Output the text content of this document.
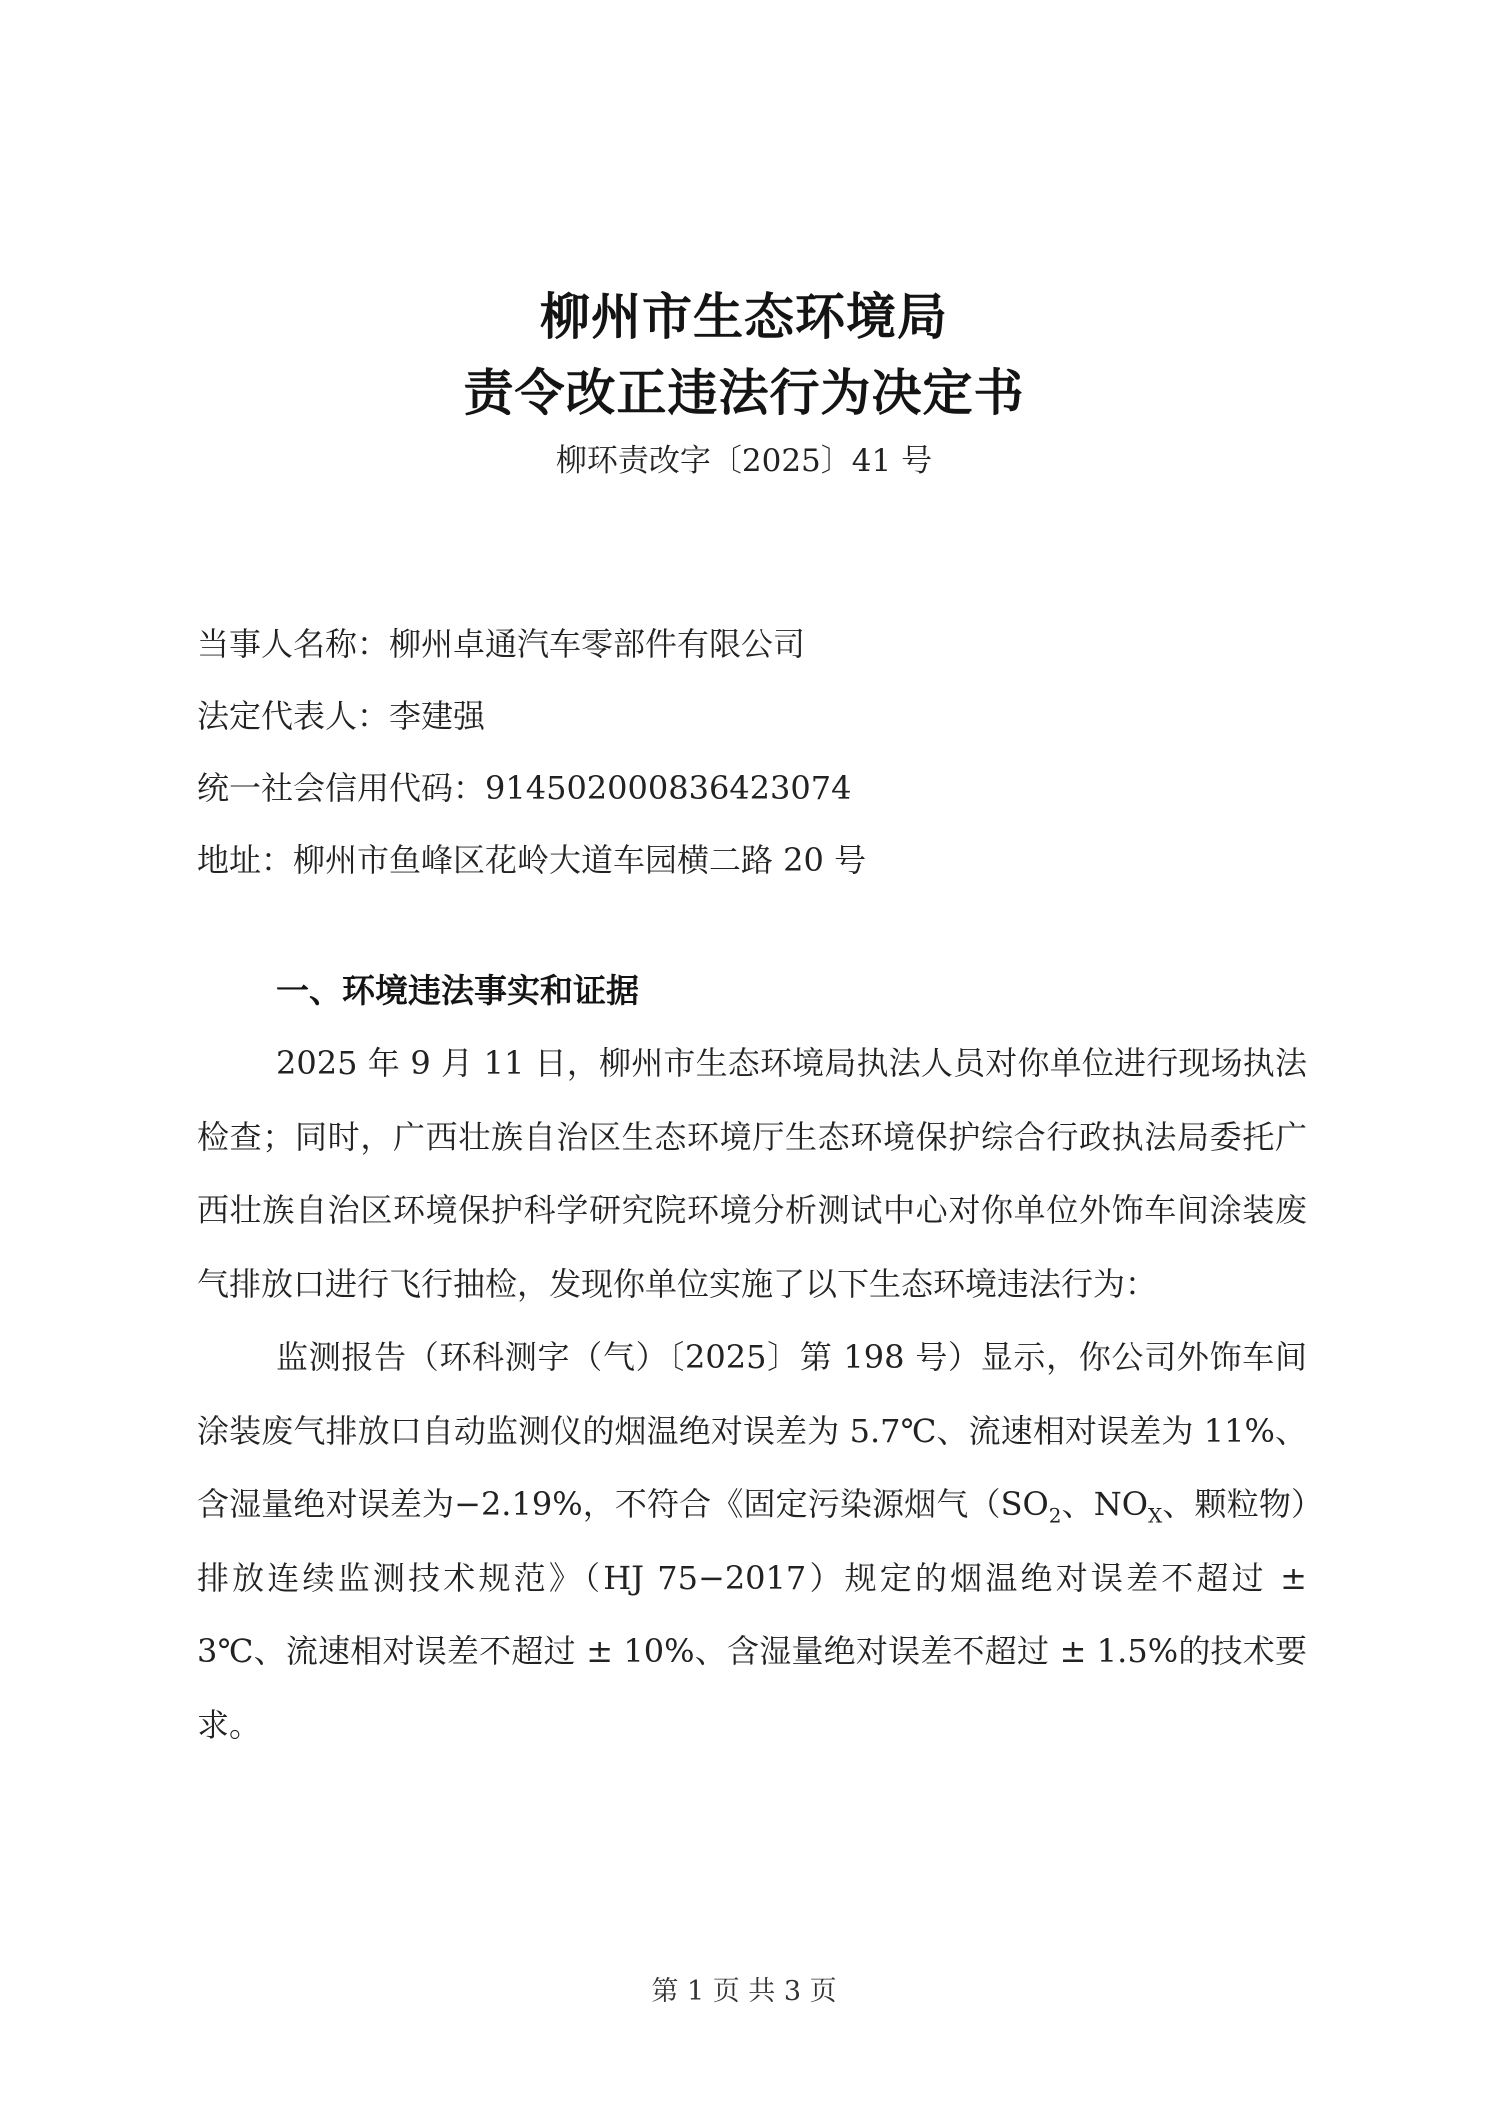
柳州市生态环境局
责令改正违法行为决定书
柳环责改字〔2025〕41 号
当事人名称：柳州卓通汽车零部件有限公司
法定代表人：李建强
统一社会信用代码：914502000836423074
地址：柳州市鱼峰区花岭大道车园横二路 20 号
一、环境违法事实和证据

2025 年 9 月 11 日，柳州市生态环境局执法人员对你单位进行现场执法检查；同时，广西壮族自治区生态环境厅生态环境保护综合行政执法局委托广西壮族自治区环境保护科学研究院环境分析测试中心对你单位外饰车间涂装废气排放口进行飞行抽检，发现你单位实施了以下生态环境违法行为：

监测报告（环科测字（气）〔2025〕第 198 号）显示，你公司外饰车间涂装废气排放口自动监测仪的烟温绝对误差为 5.7℃、流速相对误差为 11%、含湿量绝对误差为−2.19%，不符合《固定污染源烟气（$SO_2$、$NO_X$、颗粒物）排放连续监测技术规范》（HJ 75−2017）规定的烟温绝对误差不超过 ± 3℃、流速相对误差不超过 ± 10%、含湿量绝对误差不超过 ± 1.5%的技术要求。

第 1 页 共 3 页
